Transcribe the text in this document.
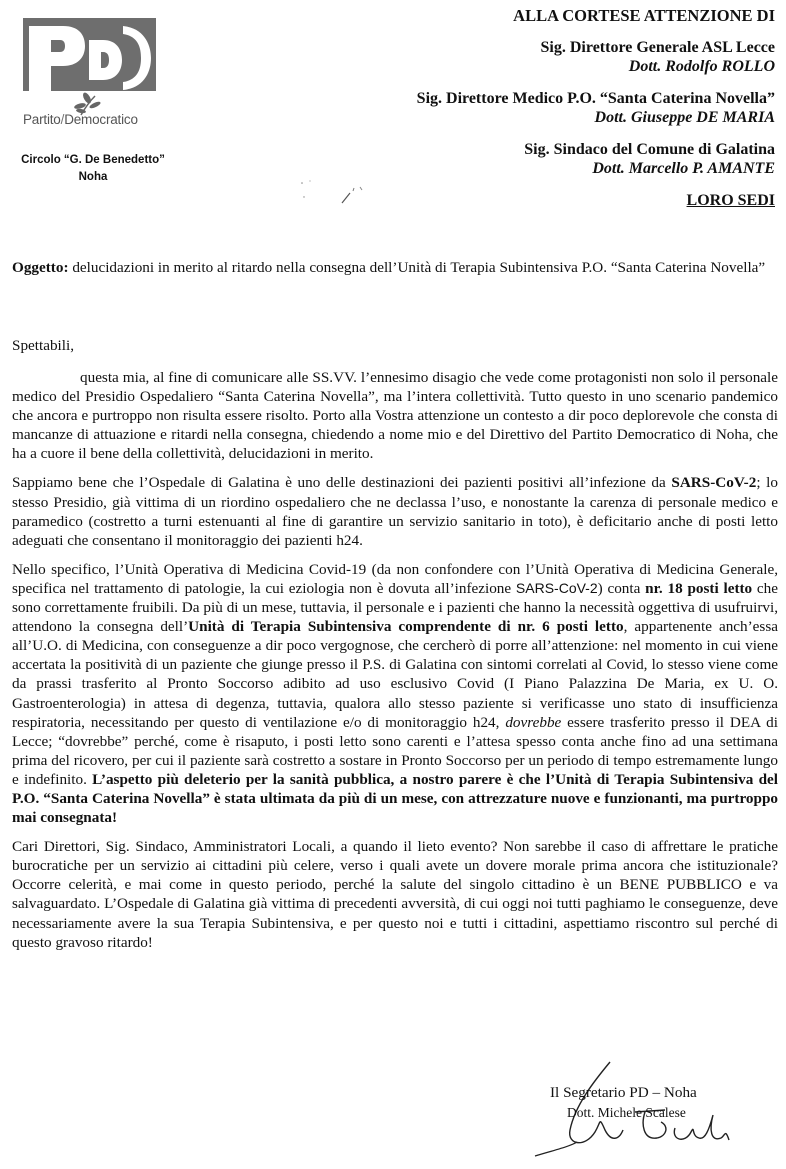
Partito/Democratico
Circolo “G. De Benedetto”
Noha
ALLA CORTESE ATTENZIONE DI
Sig. Direttore Generale ASL Lecce
Dott. Rodolfo ROLLO
Sig. Direttore Medico P.O. “Santa Caterina Novella”
Dott. Giuseppe DE MARIA
Sig. Sindaco del Comune di Galatina
Dott. Marcello P. AMANTE
LORO SEDI
Oggetto: delucidazioni in merito al ritardo nella consegna dell’Unità di Terapia Subintensiva P.O. “Santa Caterina Novella”
Spettabili,

questa mia, al fine di comunicare alle SS.VV. l’ennesimo disagio che vede come protagonisti non solo il personale medico del Presidio Ospedaliero “Santa Caterina Novella”, ma l’intera collettività. Tutto questo in uno scenario pandemico che ancora e purtroppo non risulta essere risolto. Porto alla Vostra attenzione un contesto a dir poco deplorevole che consta di mancanze di attuazione e ritardi nella consegna, chiedendo a nome mio e del Direttivo del Partito Democratico di Noha, che ha a cuore il bene della collettività, delucidazioni in merito.

Sappiamo bene che l’Ospedale di Galatina è uno delle destinazioni dei pazienti positivi all’infezione da SARS-CoV-2; lo stesso Presidio, già vittima di un riordino ospedaliero che ne declassa l’uso, e nonostante la carenza di personale medico e paramedico (costretto a turni estenuanti al fine di garantire un servizio sanitario in toto), è deficitario anche di posti letto adeguati che consentano il monitoraggio dei pazienti h24.

Nello specifico, l’Unità Operativa di Medicina Covid-19 (da non confondere con l’Unità Operativa di Medicina Generale, specifica nel trattamento di patologie, la cui eziologia non è dovuta all’infezione SARS-CoV-2) conta nr. 18 posti letto che sono correttamente fruibili. Da più di un mese, tuttavia, il personale e i pazienti che hanno la necessità oggettiva di usufruirvi, attendono la consegna dell’Unità di Terapia Subintensiva comprendente di nr. 6 posti letto, appartenente anch’essa all’U.O. di Medicina, con conseguenze a dir poco vergognose, che cercherò di porre all’attenzione: nel momento in cui viene accertata la positività di un paziente che giunge presso il P.S. di Galatina con sintomi correlati al Covid, lo stesso viene come da prassi trasferito al Pronto Soccorso adibito ad uso esclusivo Covid (I Piano Palazzina De Maria, ex U. O. Gastroenterologia) in attesa di degenza, tuttavia, qualora allo stesso paziente si verificasse uno stato di insufficienza respiratoria, necessitando per questo di ventilazione e/o di monitoraggio h24, dovrebbe essere trasferito presso il DEA di Lecce; “dovrebbe” perché, come è risaputo, i posti letto sono carenti e l’attesa spesso conta anche fino ad una settimana prima del ricovero, per cui il paziente sarà costretto a sostare in Pronto Soccorso per un periodo di tempo estremamente lungo e indefinito. L’aspetto più deleterio per la sanità pubblica, a nostro parere è che l’Unità di Terapia Subintensiva del P.O. “Santa Caterina Novella” è stata ultimata da più di un mese, con attrezzature nuove e funzionanti, ma purtroppo mai consegnata!

Cari Direttori, Sig. Sindaco, Amministratori Locali, a quando il lieto evento? Non sarebbe il caso di affrettare le pratiche burocratiche per un servizio ai cittadini più celere, verso i quali avete un dovere morale prima ancora che istituzionale? Occorre celerità, e mai come in questo periodo, perché la salute del singolo cittadino è un BENE PUBBLICO e va salvaguardato. L’Ospedale di Galatina già vittima di precedenti avversità, di cui oggi noi tutti paghiamo le conseguenze, deve necessariamente avere la sua Terapia Subintensiva, e per questo noi e tutti i cittadini, aspettiamo riscontro sul perché di questo gravoso ritardo!

Il Segretario PD – Noha
Dott. Michele Scalese
